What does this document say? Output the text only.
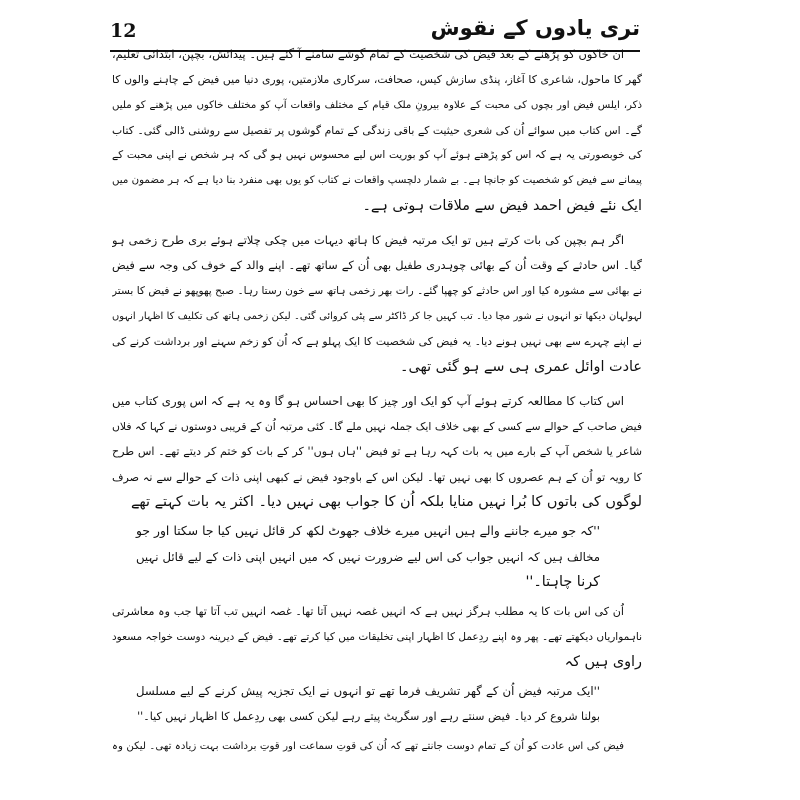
12	تری یادوں کے نقوش
ان خاکوں کو پڑھنے کے بعد فیض کی شخصیت کے تمام گوشے سامنے آ گئے ہیں۔ پیدائش، بچپن، ابتدائی تعلیم،
گھر کا ماحول، شاعری کا آغاز، پنڈی سازش کیس، صحافت، سرکاری ملازمتیں، پوری دنیا میں فیض کے چاہنے والوں کا
ذکر، ایلس فیض اور بچوں کی محبت کے علاوہ بیرونِ ملک قیام کے مختلف واقعات آپ کو مختلف خاکوں میں پڑھنے کو ملیں
گے۔ اس کتاب میں سوائے اُن کی شعری حیثیت کے باقی زندگی کے تمام گوشوں پر تفصیل سے روشنی ڈالی گئی۔ کتاب
کی خوبصورتی یہ ہے کہ اس کو پڑھتے ہوئے آپ کو بوریت اس لیے محسوس نہیں ہو گی کہ ہر شخص نے اپنی محبت کے
پیمانے سے فیض کو شخصیت کو جانچا ہے۔ بے شمار دلچسپ واقعات نے کتاب کو یوں بھی منفرد بنا دیا ہے کہ ہر مضمون میں
ایک نئے فیض احمد فیض سے ملاقات ہوتی ہے۔
اگر ہم بچپن کی بات کرتے ہیں تو ایک مرتبہ فیض کا ہاتھ دیہات میں چکی چلاتے ہوئے بری طرح زخمی ہو
گیا۔ اس حادثے کے وقت اُن کے بھائی چوہدری طفیل بھی اُن کے ساتھ تھے۔ اپنے والد کے خوف کی وجہ سے فیض
نے بھائی سے مشورہ کیا اور اس حادثے کو چھپا گئے۔ رات بھر زخمی ہاتھ سے خون رستا رہا۔ صبح پھوپھو نے فیض کا بستر
لہولہان دیکھا تو انہوں نے شور مچا دیا۔ تب کہیں جا کر ڈاکٹر سے پٹی کروائی گئی۔ لیکن زخمی ہاتھ کی تکلیف کا اظہار انہوں
نے اپنے چہرے سے بھی نہیں ہونے دیا۔ یہ فیض کی شخصیت کا ایک پہلو ہے کہ اُن کو زخم سہنے اور برداشت کرنے کی
عادت اوائل عمری ہی سے ہو گئی تھی۔
اس کتاب کا مطالعہ کرتے ہوئے آپ کو ایک اور چیز کا بھی احساس ہو گا وہ یہ ہے کہ اس پوری کتاب میں
فیض صاحب کے حوالے سے کسی کے بھی خلاف ایک جملہ نہیں ملے گا۔ کئی مرتبہ اُن کے قریبی دوستوں نے کہا کہ فلاں
شاعر یا شخص آپ کے بارے میں یہ بات کہہ رہا ہے تو فیض ''ہاں ہوں'' کر کے بات کو ختم کر دیتے تھے۔ اس طرح
کا رویہ تو اُن کے ہم عصروں کا بھی نہیں تھا۔ لیکن اس کے باوجود فیض نے کبھی اپنی ذات کے حوالے سے نہ صرف
لوگوں کی باتوں کا بُرا نہیں منایا بلکہ اُن کا جواب بھی نہیں دیا۔ اکثر یہ بات کہتے تھے
''کہ جو میرے جاننے والے ہیں انہیں میرے خلاف جھوٹ لکھ کر قائل نہیں کیا جا سکتا اور جو
مخالف ہیں کہ انہیں جواب کی اس لیے ضرورت نہیں کہ میں انہیں اپنی ذات کے لیے قائل نہیں
کرنا چاہتا۔''
اُن کی اس بات کا یہ مطلب ہرگز نہیں ہے کہ انہیں غصہ نہیں آتا تھا۔ غصہ انہیں تب آتا تھا جب وہ معاشرتی
ناہمواریاں دیکھتے تھے۔ پھر وہ اپنے ردِعمل کا اظہار اپنی تخلیقات میں کیا کرتے تھے۔ فیض کے دیرینہ دوست خواجہ مسعود
راوی ہیں کہ
''ایک مرتبہ فیض اُن کے گھر تشریف فرما تھے تو انہوں نے ایک تجزیہ پیش کرنے کے لیے مسلسل
بولنا شروع کر دیا۔ فیض سنتے رہے اور سگریٹ پیتے رہے لیکن کسی بھی ردِعمل کا اظہار نہیں کیا۔''
فیض کی اس عادت کو اُن کے تمام دوست جانتے تھے کہ اُن کی قوتِ سماعت اور قوتِ برداشت بہت زیادہ تھی۔ لیکن وہ
